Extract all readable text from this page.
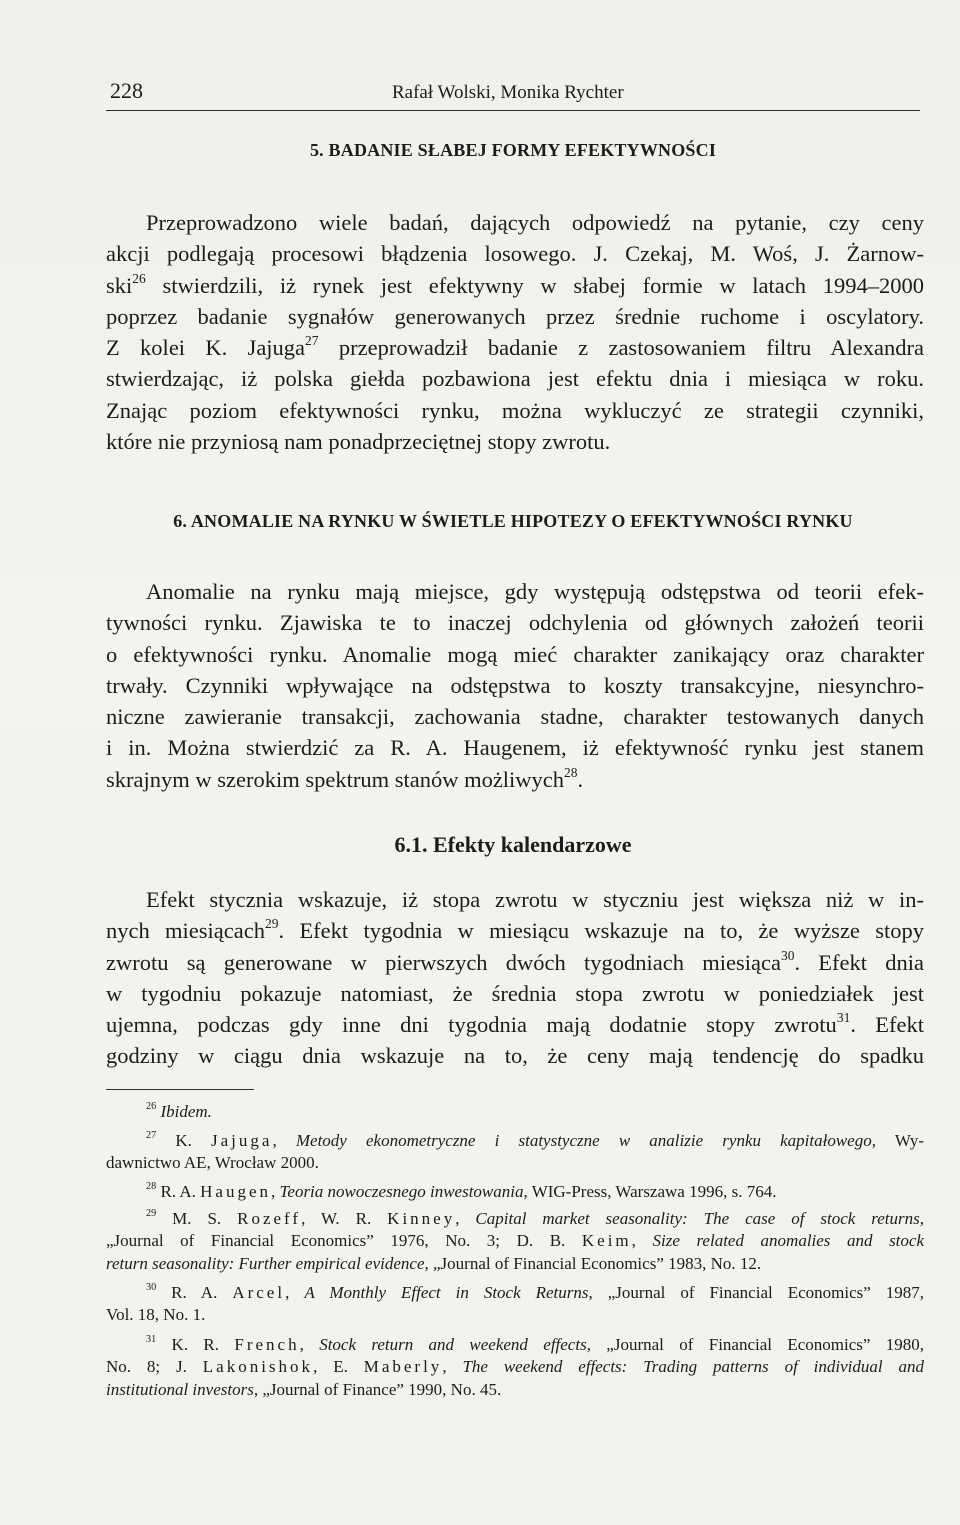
228	Rafał Wolski, Monika Rychter
5. BADANIE SŁABEJ FORMY EFEKTYWNOŚCI
Przeprowadzono wiele badań, dających odpowiedź na pytanie, czy ceny
akcji podlegają procesowi błądzenia losowego. J. Czekaj, M. Woś, J. Żarnow-
ski$^{26}$ stwierdzili, iż rynek jest efektywny w słabej formie w latach 1994–2000
poprzez badanie sygnałów generowanych przez średnie ruchome i oscylatory.
Z kolei K. Jajuga$^{27}$ przeprowadził badanie z zastosowaniem filtru Alexandra
stwierdzając, iż polska giełda pozbawiona jest efektu dnia i miesiąca w roku.
Znając poziom efektywności rynku, można wykluczyć ze strategii czynniki,
które nie przyniosą nam ponadprzeciętnej stopy zwrotu.
6. ANOMALIE NA RYNKU W ŚWIETLE HIPOTEZY O EFEKTYWNOŚCI RYNKU
Anomalie na rynku mają miejsce, gdy występują odstępstwa od teorii efek-
tywności rynku. Zjawiska te to inaczej odchylenia od głównych założeń teorii
o efektywności rynku. Anomalie mogą mieć charakter zanikający oraz charakter
trwały. Czynniki wpływające na odstępstwa to koszty transakcyjne, niesynchro-
niczne zawieranie transakcji, zachowania stadne, charakter testowanych danych
i in. Można stwierdzić za R. A. Haugenem, iż efektywność rynku jest stanem
skrajnym w szerokim spektrum stanów możliwych$^{28}$.
6.1. Efekty kalendarzowe
Efekt stycznia wskazuje, iż stopa zwrotu w styczniu jest większa niż w in-
nych miesiącach$^{29}$. Efekt tygodnia w miesiącu wskazuje na to, że wyższe stopy
zwrotu są generowane w pierwszych dwóch tygodniach miesiąca$^{30}$. Efekt dnia
w tygodniu pokazuje natomiast, że średnia stopa zwrotu w poniedziałek jest
ujemna, podczas gdy inne dni tygodnia mają dodatnie stopy zwrotu$^{31}$. Efekt
godziny w ciągu dnia wskazuje na to, że ceny mają tendencję do spadku
$^{26}$ Ibidem.
$^{27}$ K. Jajuga, Metody ekonometryczne i statystyczne w analizie rynku kapitałowego, Wy-
dawnictwo AE, Wrocław 2000.
$^{28}$ R. A. Haugen, Teoria nowoczesnego inwestowania, WIG-Press, Warszawa 1996, s. 764.
$^{29}$ M. S. Rozeff, W. R. Kinney, Capital market seasonality: The case of stock returns,
„Journal of Financial Economics” 1976, No. 3; D. B. Keim, Size related anomalies and stock
return seasonality: Further empirical evidence, „Journal of Financial Economics” 1983, No. 12.
$^{30}$ R. A. Arcel, A Monthly Effect in Stock Returns, „Journal of Financial Economics” 1987,
Vol. 18, No. 1.
$^{31}$ K. R. French, Stock return and weekend effects, „Journal of Financial Economics” 1980,
No. 8; J. Lakonishok, E. Maberly, The weekend effects: Trading patterns of individual and
institutional investors, „Journal of Finance” 1990, No. 45.
